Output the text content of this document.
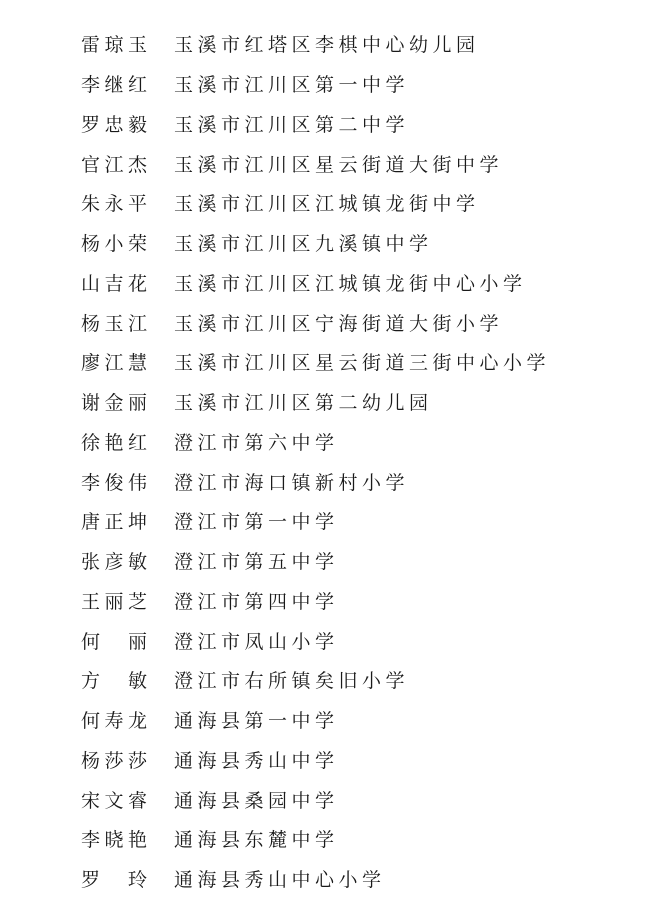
雷琼玉	玉溪市红塔区李棋中心幼儿园
李继红	玉溪市江川区第一中学
罗忠毅	玉溪市江川区第二中学
官江杰	玉溪市江川区星云街道大街中学
朱永平	玉溪市江川区江城镇龙街中学
杨小荣	玉溪市江川区九溪镇中学
山吉花	玉溪市江川区江城镇龙街中心小学
杨玉江	玉溪市江川区宁海街道大街小学
廖江慧	玉溪市江川区星云街道三街中心小学
谢金丽	玉溪市江川区第二幼儿园
徐艳红	澄江市第六中学
李俊伟	澄江市海口镇新村小学
唐正坤	澄江市第一中学
张彦敏	澄江市第五中学
王丽芝	澄江市第四中学
何　丽	澄江市凤山小学
方　敏	澄江市右所镇矣旧小学
何寿龙	通海县第一中学
杨莎莎	通海县秀山中学
宋文睿	通海县桑园中学
李晓艳	通海县东麓中学
罗　玲	通海县秀山中心小学
